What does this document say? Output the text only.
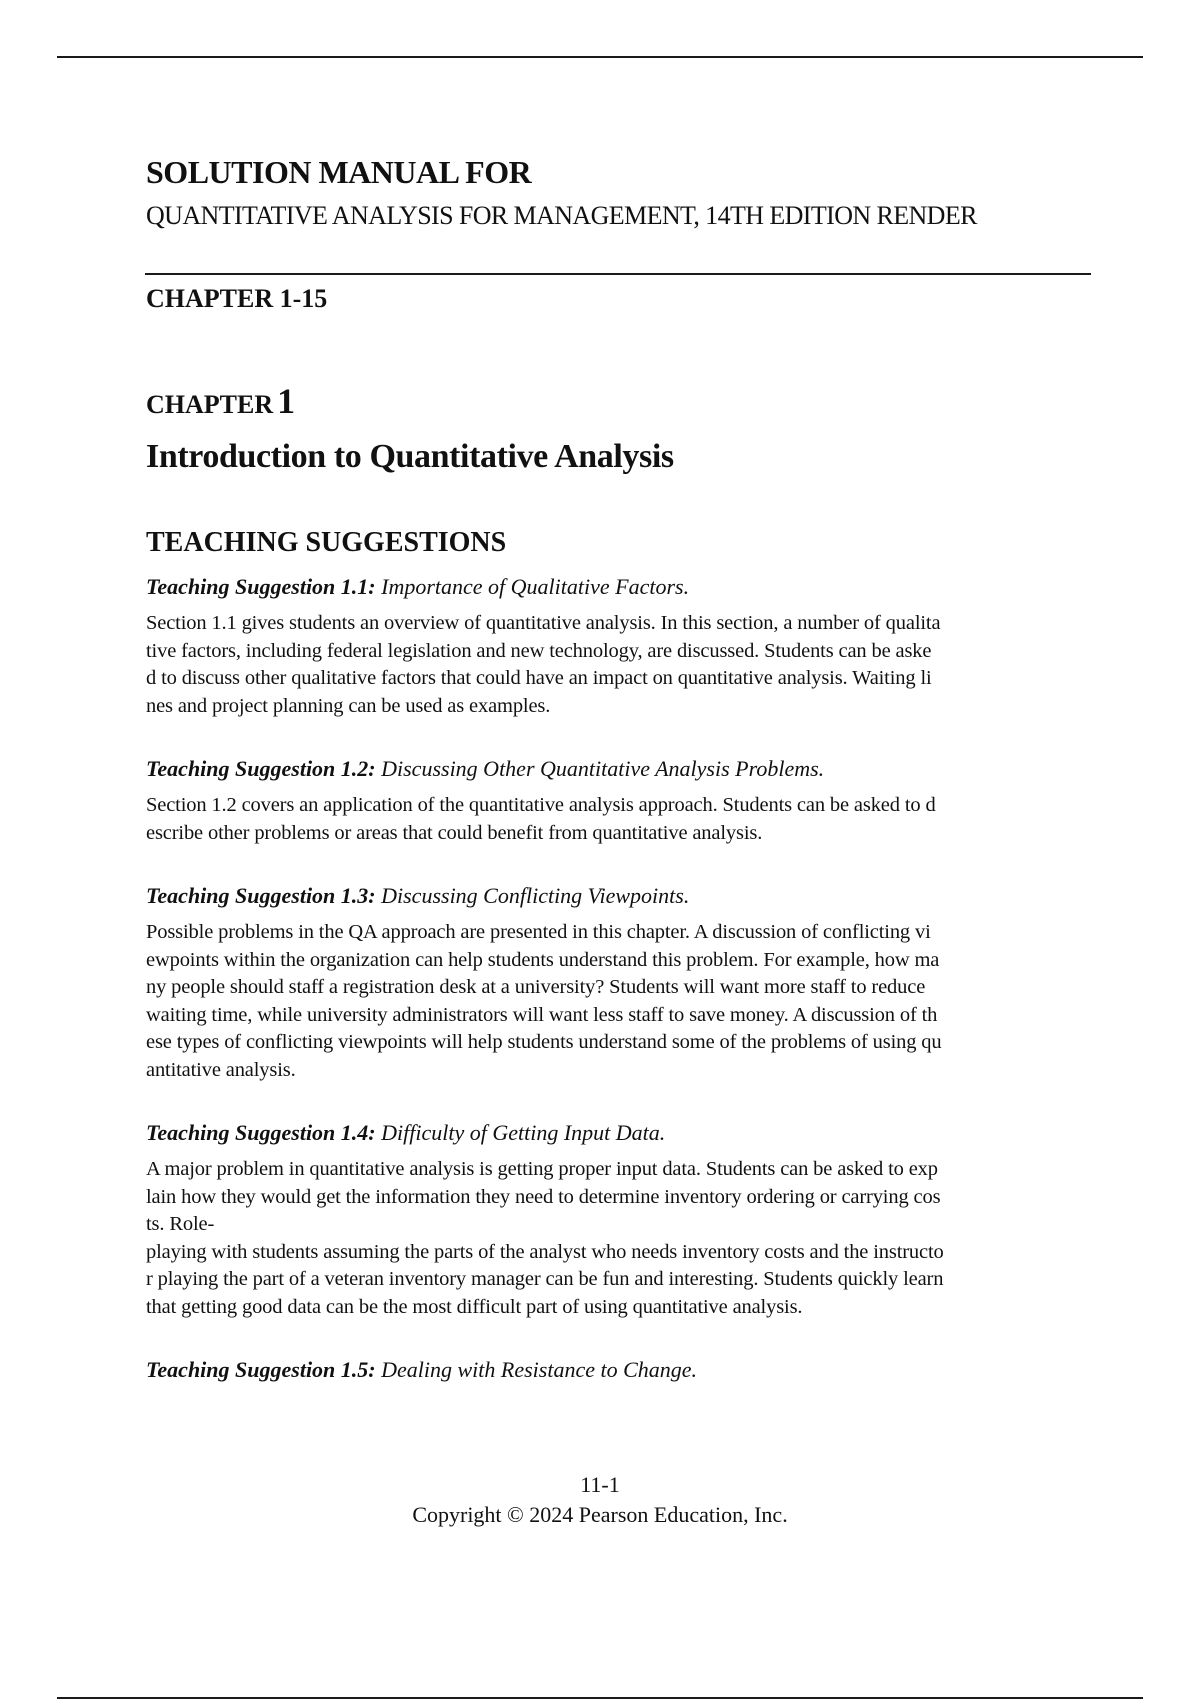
SOLUTION MANUAL FOR

QUANTITATIVE ANALYSIS FOR MANAGEMENT, 14TH EDITION RENDER

CHAPTER 1-15

CHAPTER 1

Introduction to Quantitative Analysis
TEACHING SUGGESTIONS

Teaching Suggestion 1.1: Importance of Qualitative Factors.

Section 1.1 gives students an overview of quantitative analysis. In this section, a number of qualita
tive factors, including federal legislation and new technology, are discussed. Students can be aske
d to discuss other qualitative factors that could have an impact on quantitative analysis. Waiting li
nes and project planning can be used as examples.

Teaching Suggestion 1.2: Discussing Other Quantitative Analysis Problems.

Section 1.2 covers an application of the quantitative analysis approach. Students can be asked to d
escribe other problems or areas that could benefit from quantitative analysis.

Teaching Suggestion 1.3: Discussing Conflicting Viewpoints.

Possible problems in the QA approach are presented in this chapter. A discussion of conflicting vi
ewpoints within the organization can help students understand this problem. For example, how ma
ny people should staff a registration desk at a university? Students will want more staff to reduce
waiting time, while university administrators will want less staff to save money. A discussion of th
ese types of conflicting viewpoints will help students understand some of the problems of using qu
antitative analysis.

Teaching Suggestion 1.4: Difficulty of Getting Input Data.

A major problem in quantitative analysis is getting proper input data. Students can be asked to exp
lain how they would get the information they need to determine inventory ordering or carrying cos
ts. Role-
playing with students assuming the parts of the analyst who needs inventory costs and the instructo
r playing the part of a veteran inventory manager can be fun and interesting. Students quickly learn
that getting good data can be the most difficult part of using quantitative analysis.

Teaching Suggestion 1.5: Dealing with Resistance to Change.

11-1

Copyright © 2024 Pearson Education, Inc.
